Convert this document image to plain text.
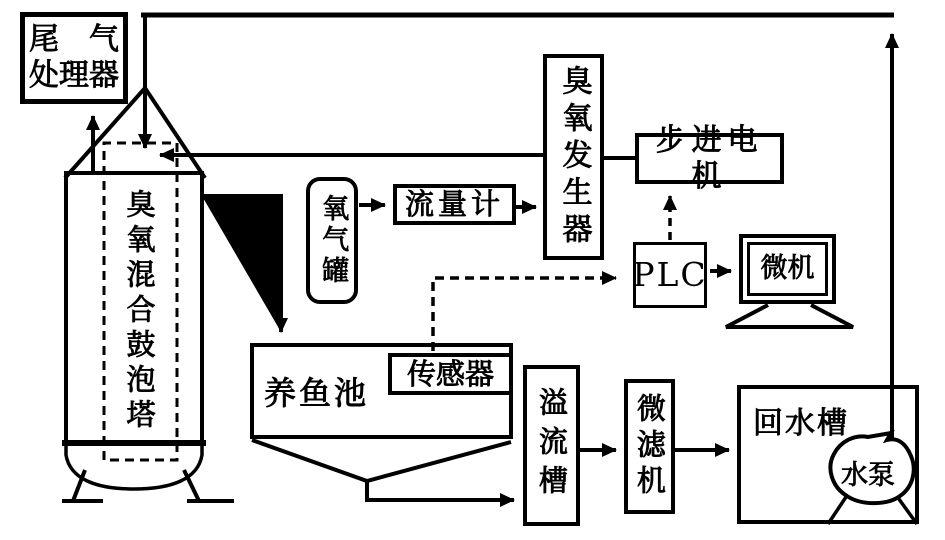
尾　气
处理器
臭氧混合鼓泡塔	氧气罐	流量计	臭氧发生器	步进电机
PLC 微机
养鱼池
传感器
溢流槽	微滤机	回水槽
水泵
